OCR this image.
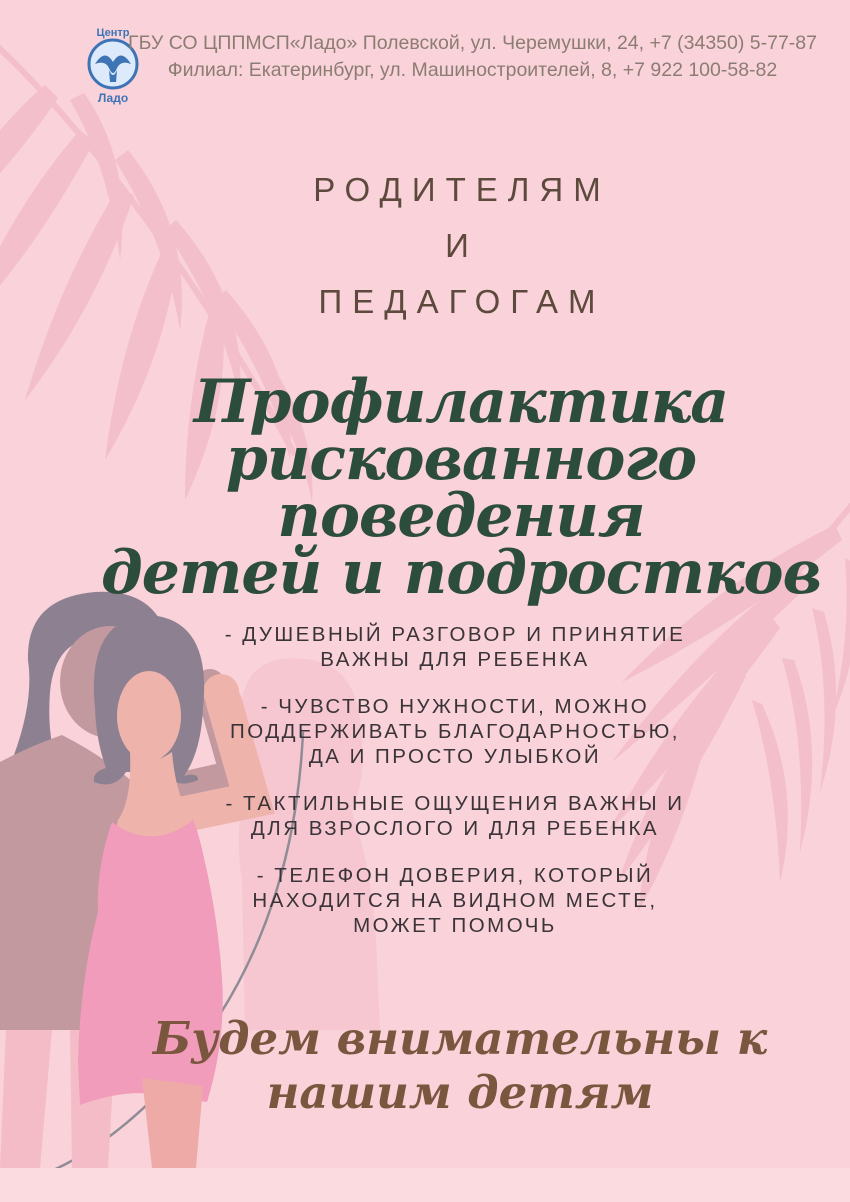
Центр
Ладо
ГБУ СО ЦППМСП«Ладо» Полевской, ул. Черемушки, 24, +7 (34350) 5-77-87
Филиал: Екатеринбург, ул. Машиностроителей, 8, +7 922 100-58-82
РОДИТЕЛЯМ
И
ПЕДАГОГАМ
Профилактика
рискованного поведения
детей и подростков
- ДУШЕВНЫЙ РАЗГОВОР И ПРИНЯТИЕ
ВАЖНЫ ДЛЯ РЕБЕНКА
- ЧУВСТВО НУЖНОСТИ, МОЖНО
ПОДДЕРЖИВАТЬ БЛАГОДАРНОСТЬЮ,
ДА И ПРОСТО УЛЫБКОЙ
- ТАКТИЛЬНЫЕ ОЩУЩЕНИЯ ВАЖНЫ И
ДЛЯ ВЗРОСЛОГО И ДЛЯ РЕБЕНКА
- ТЕЛЕФОН ДОВЕРИЯ, КОТОРЫЙ
НАХОДИТСЯ НА ВИДНОМ МЕСТЕ,
МОЖЕТ ПОМОЧЬ
Будем внимательны к нашим детям
